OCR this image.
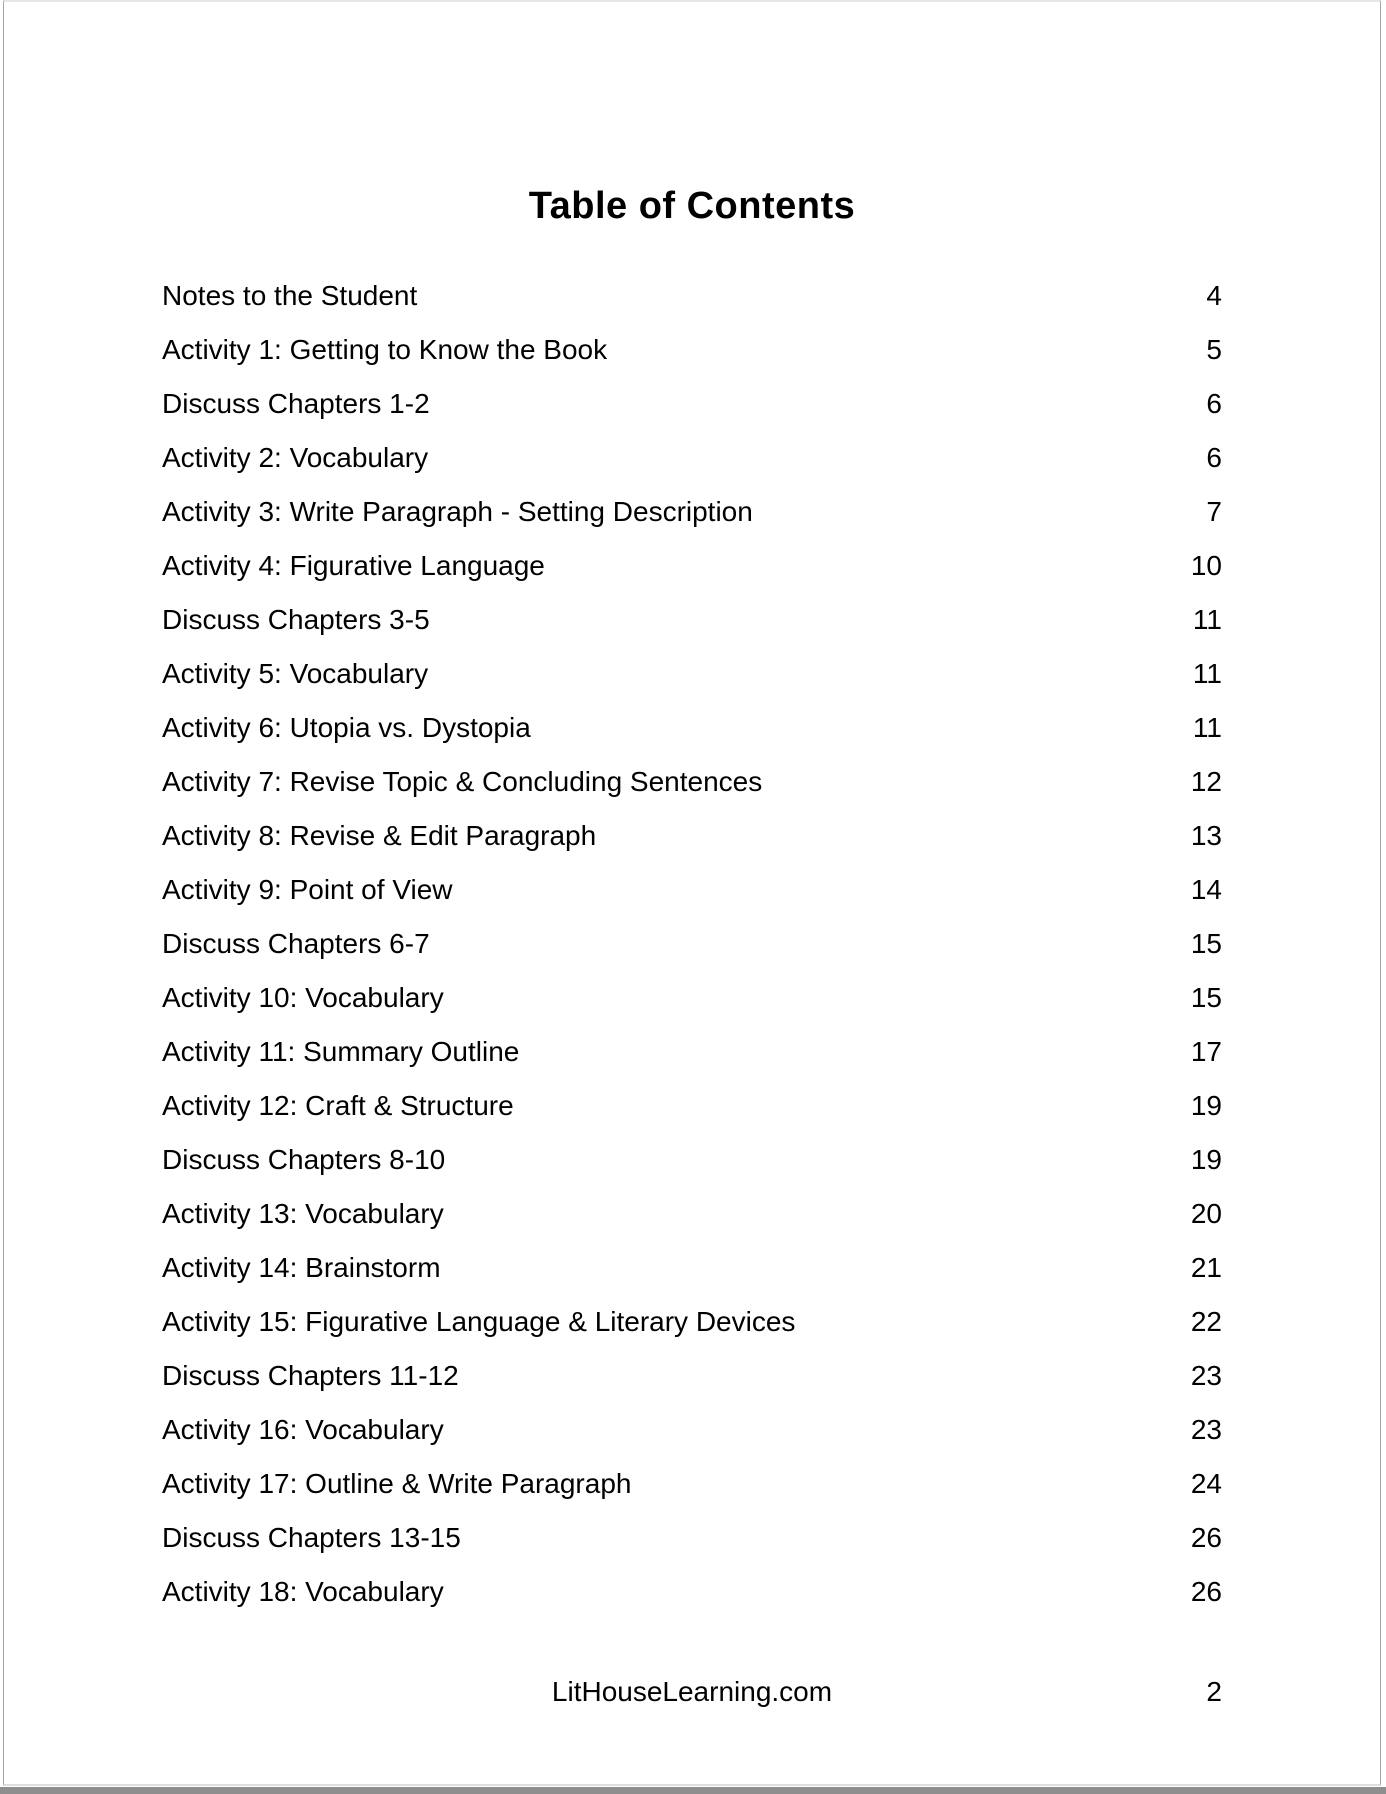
Table of Contents
Notes to the Student	4
Activity 1: Getting to Know the Book	5
Discuss Chapters 1-2	6
Activity 2: Vocabulary	6
Activity 3: Write Paragraph - Setting Description	7
Activity 4: Figurative Language	10
Discuss Chapters 3-5	11
Activity 5: Vocabulary	11
Activity 6: Utopia vs. Dystopia	11
Activity 7: Revise Topic & Concluding Sentences	12
Activity 8: Revise & Edit Paragraph	13
Activity 9: Point of View	14
Discuss Chapters 6-7	15
Activity 10: Vocabulary	15
Activity 11: Summary Outline	17
Activity 12: Craft & Structure	19
Discuss Chapters 8-10	19
Activity 13: Vocabulary	20
Activity 14: Brainstorm	21
Activity 15: Figurative Language & Literary Devices	22
Discuss Chapters 11-12	23
Activity 16: Vocabulary	23
Activity 17: Outline & Write Paragraph	24
Discuss Chapters 13-15	26
Activity 18: Vocabulary	26
LitHouseLearning.com	2
